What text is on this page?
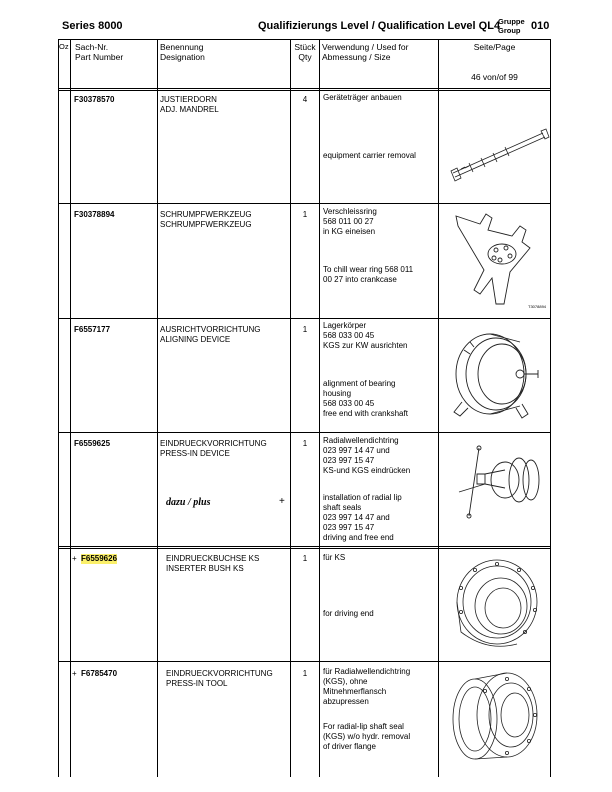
Series 8000	Qualifizierungs Level / Qualification Level QL4
Gruppe
Group 010
Oz Sach-Nr.
Part Number
Benennung
Designation
Stück
Qty
Verwendung / Used for
Abmessung / Size
Seite/Page
46 von/of 99
F30378570	JUSTIERDORN
ADJ. MANDREL
4	Geräteträger anbauen
equipment carrier removal
F30378894	SCHRUMPFWERKZEUG
SCHRUMPFWERKZEUG
1	Verschleissring
568 011 00 27
in KG eineisen
To chill wear ring 568 011
00 27 into crankcase
T3078894
F6557177	AUSRICHTVORRICHTUNG
ALIGNING DEVICE
1	Lagerkörper
568 033 00 45
KGS zur KW ausrichten
alignment of bearing
housing
568 033 00 45
free end with crankshaft
F6559625	EINDRUECKVORRICHTUNG
PRESS-IN DEVICE
1	Radialwellendichtring
023 997 14 47 und
023 997 15 47
KS-und KGS eindrücken
installation of radial lip
shaft seals
023 997 14 47 and
023 997 15 47
driving and free end
dazu / plus	+
+ F6559626	EINDRUECKBUCHSE KS
INSERTER BUSH KS
1	für KS
for driving end
+ F6785470	EINDRUECKVORRICHTUNG
PRESS-IN TOOL
1	für Radialwellendichtring
(KGS), ohne
Mitnehmerflansch
abzupressen
For radial-lip shaft seal
(KGS) w/o hydr. removal
of driver flange
